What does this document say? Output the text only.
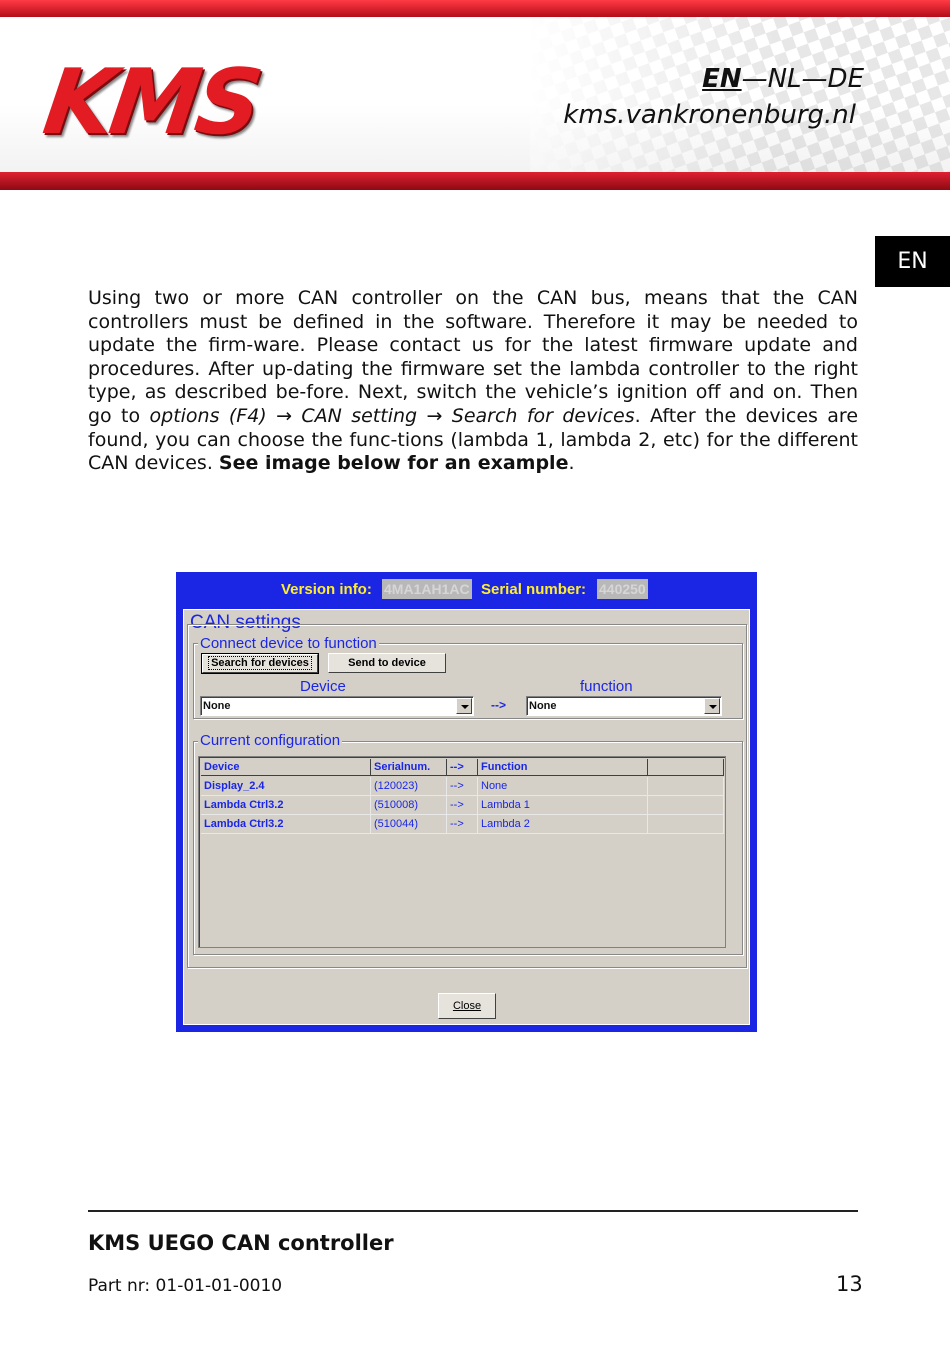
KMS	EN—NL—DE
kms.vankronenburg.nl
EN
Using two or more CAN controller on the CAN bus, means that the CAN controllers must be defined in the software. Therefore it may be needed to update the firm-ware. Please contact us for the latest firmware update and procedures. After up-dating the firmware set the lambda controller to the right type, as described be-fore. Next, switch the vehicle’s ignition off and on. Then go to options (F4) → CAN setting → Search for devices. After the devices are found, you can choose the func-tions (lambda 1, lambda 2, etc) for the different CAN devices. See image below for an example.
Version info: 4MA1AH1AC Serial number: 440250
CAN settings
Connect device to function
Search for devices	Send to device
Device	function
None	--> None
Current configuration
Device	Serialnum.	-->	Function
Display_2.4	(120023)	-->	None
Lambda Ctrl3.2	(510008)	-->	Lambda 1
Lambda Ctrl3.2	(510044)	-->	Lambda 2
Close
KMS UEGO CAN controller
Part nr: 01-01-01-0010	13
